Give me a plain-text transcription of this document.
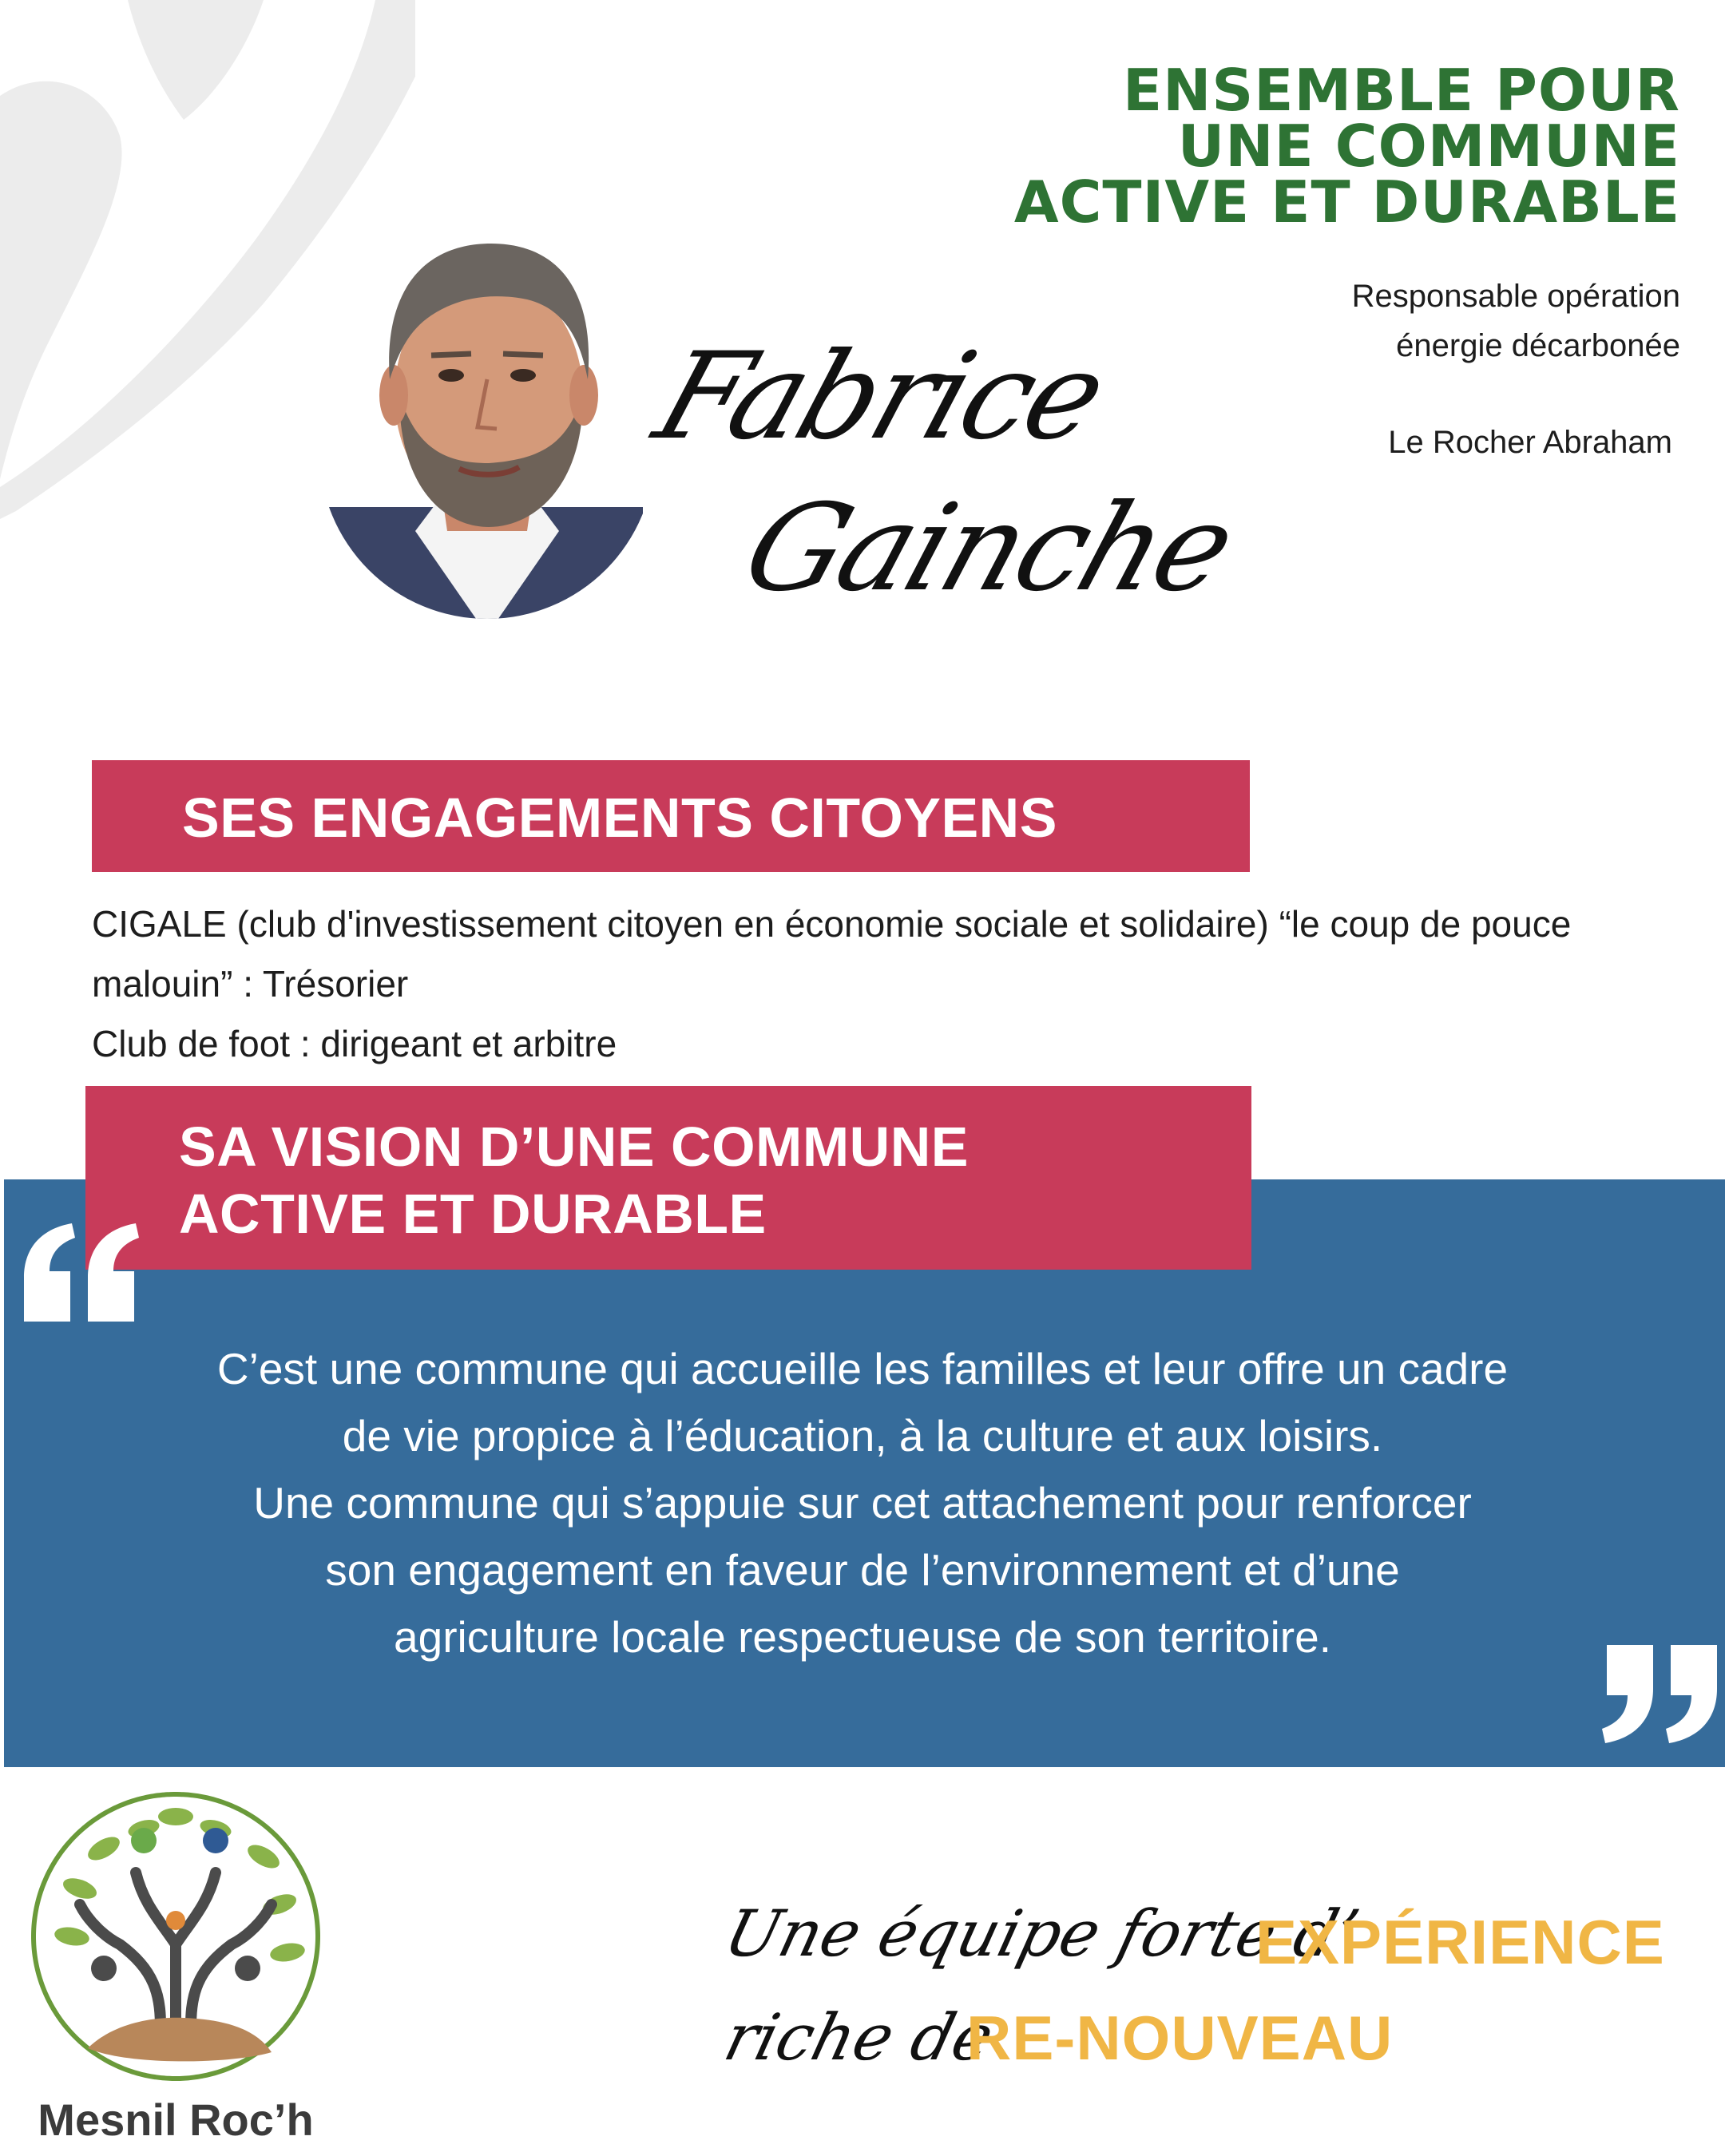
ENSEMBLE POUR
UNE COMMUNE
ACTIVE ET DURABLE
Responsable opération
énergie décarbonée
Le Rocher Abraham
Fabrice
Gainche
SES ENGAGEMENTS CITOYENS
CIGALE (club d'investissement citoyen en économie sociale et solidaire) “le coup de pouce malouin” : Trésorier
Club de foot : dirigeant et arbitre
SA VISION D’UNE COMMUNE
ACTIVE ET DURABLE
C’est une commune qui accueille les familles et leur offre un cadre
de vie propice à l’éducation, à la culture et aux loisirs.
Une commune qui s’appuie sur cet attachement pour renforcer
son engagement en faveur de l’environnement et d’une
agriculture locale respectueuse de son territoire.
Mesnil Roc’h
Une équipe forte d’
EXPÉRIENCE
riche de
RE-NOUVEAU
